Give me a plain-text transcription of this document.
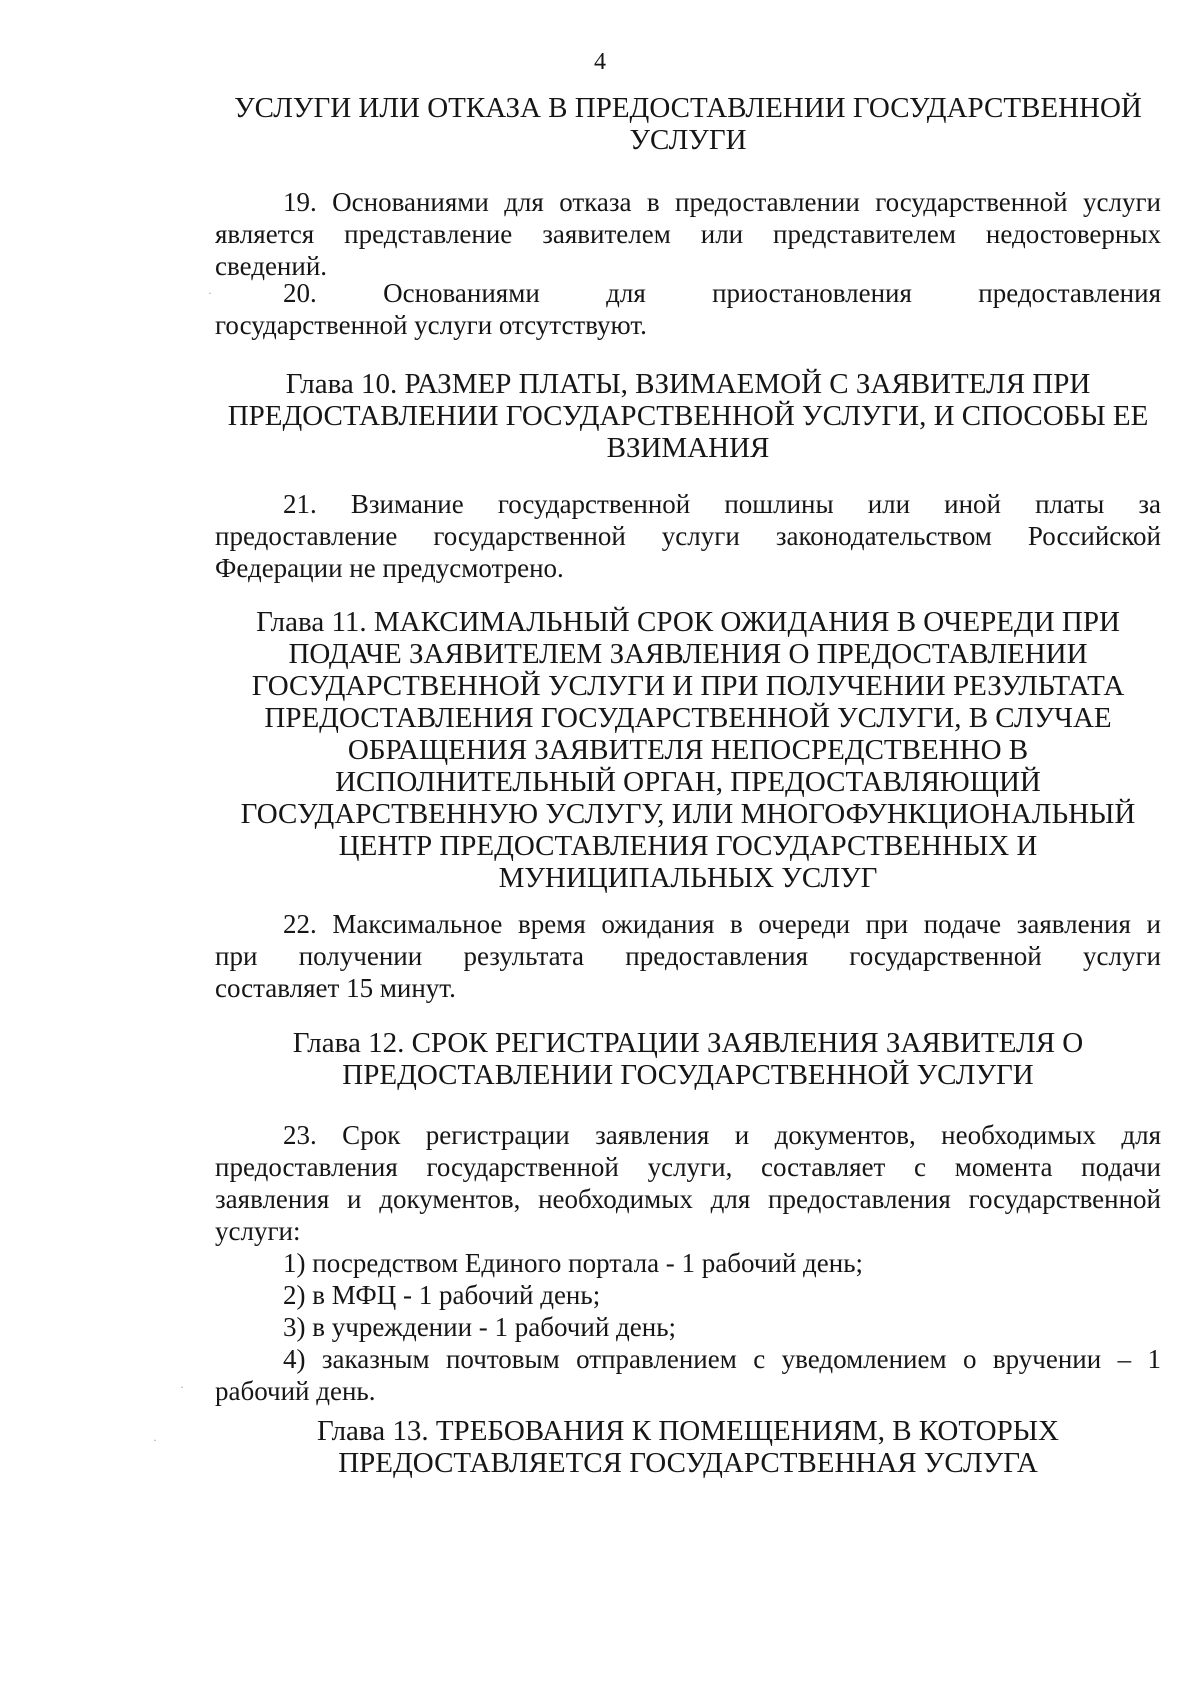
4
УСЛУГИ ИЛИ ОТКАЗА В ПРЕДОСТАВЛЕНИИ ГОСУДАРСТВЕННОЙ
УСЛУГИ
19. Основаниями для отказа в предоставлении государственной услуги
является представление заявителем или представителем недостоверных
сведений.
20. Основаниями для приостановления предоставления
государственной услуги отсутствуют.
Глава 10. РАЗМЕР ПЛАТЫ, ВЗИМАЕМОЙ С ЗАЯВИТЕЛЯ ПРИ
ПРЕДОСТАВЛЕНИИ ГОСУДАРСТВЕННОЙ УСЛУГИ, И СПОСОБЫ ЕЕ
ВЗИМАНИЯ
21. Взимание государственной пошлины или иной платы за
предоставление государственной услуги законодательством Российской
Федерации не предусмотрено.
Глава 11. МАКСИМАЛЬНЫЙ СРОК ОЖИДАНИЯ В ОЧЕРЕДИ ПРИ
ПОДАЧЕ ЗАЯВИТЕЛЕМ ЗАЯВЛЕНИЯ О ПРЕДОСТАВЛЕНИИ
ГОСУДАРСТВЕННОЙ УСЛУГИ И ПРИ ПОЛУЧЕНИИ РЕЗУЛЬТАТА
ПРЕДОСТАВЛЕНИЯ ГОСУДАРСТВЕННОЙ УСЛУГИ, В СЛУЧАЕ
ОБРАЩЕНИЯ ЗАЯВИТЕЛЯ НЕПОСРЕДСТВЕННО В
ИСПОЛНИТЕЛЬНЫЙ ОРГАН, ПРЕДОСТАВЛЯЮЩИЙ
ГОСУДАРСТВЕННУЮ УСЛУГУ, ИЛИ МНОГОФУНКЦИОНАЛЬНЫЙ
ЦЕНТР ПРЕДОСТАВЛЕНИЯ ГОСУДАРСТВЕННЫХ И
МУНИЦИПАЛЬНЫХ УСЛУГ
22. Максимальное время ожидания в очереди при подаче заявления и
при получении результата предоставления государственной услуги
составляет 15 минут.
Глава 12. СРОК РЕГИСТРАЦИИ ЗАЯВЛЕНИЯ ЗАЯВИТЕЛЯ О
ПРЕДОСТАВЛЕНИИ ГОСУДАРСТВЕННОЙ УСЛУГИ
23. Срок регистрации заявления и документов, необходимых для
предоставления государственной услуги, составляет с момента подачи
заявления и документов, необходимых для предоставления государственной
услуги:
1) посредством Единого портала - 1 рабочий день;
2) в МФЦ - 1 рабочий день;
3) в учреждении - 1 рабочий день;
4) заказным почтовым отправлением с уведомлением о вручении – 1
рабочий день.
Глава 13. ТРЕБОВАНИЯ К ПОМЕЩЕНИЯМ, В КОТОРЫХ
ПРЕДОСТАВЛЯЕТСЯ ГОСУДАРСТВЕННАЯ УСЛУГА
·
·
·
